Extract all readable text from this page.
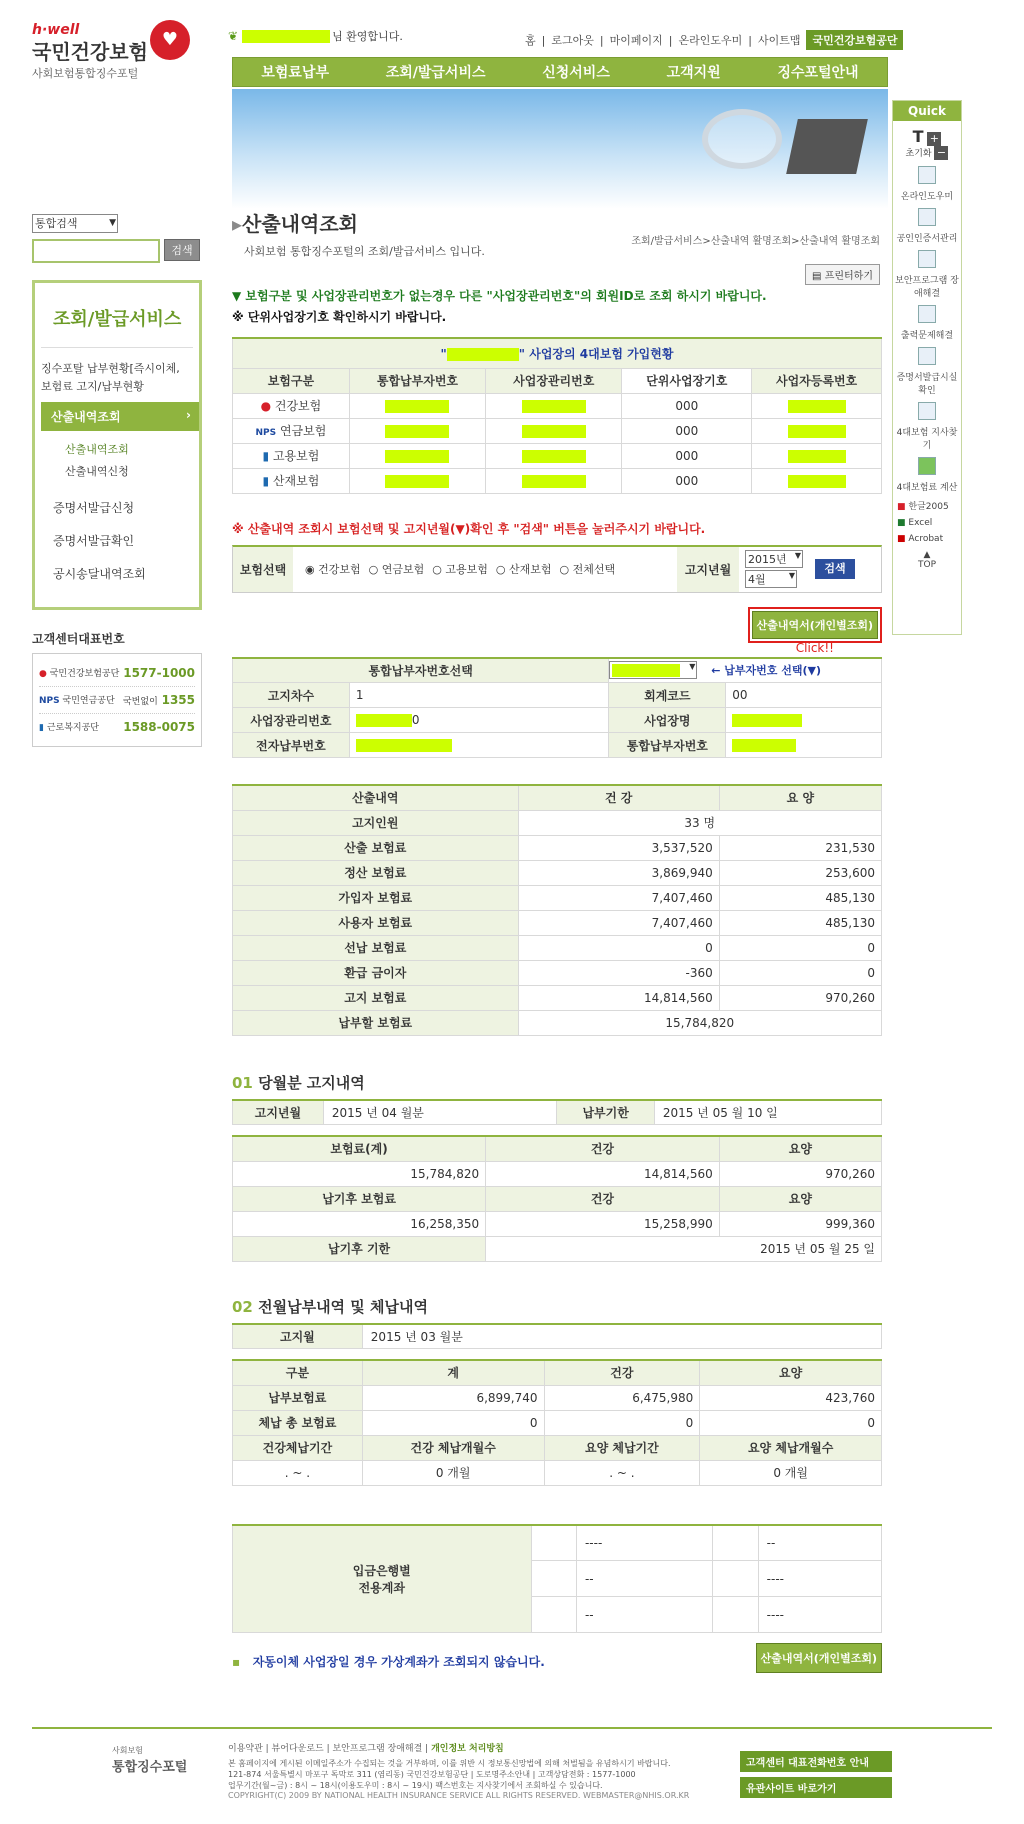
h·well
국민건강보험
사회보험통합징수포털
♥	❦	님 환영합니다.	홈 | 로그아웃 | 마이페이지 | 온라인도우미 | 사이트맵	국민건강보험공단
보험료납부	조회/발급서비스	신청서비스	고객지원	징수포털안내
Quick
T +
초기화 −
온라인도우미
공인인증서관리
보안프로그램 장애해결
출력문제해결
증명서발급시실 확인
4대보험 지사찾기
4대보험료 계산
■ 한글2005
■ Excel
■ Acrobat
▲
TOP
통합검색	▼
검색
조회/발급서비스
징수포탈 납부현황[즉시이체,
보험료 고지/납부현황
산출내역조회	›
산출내역조회
산출내역신청
증명서발급신청
증명서발급확인
공시송달내역조회
고객센터대표번호
● 국민건강보험공단 1577-1000
NPS 국민연금공단 국번없이 1355
▮ 근로복지공단 1588-0075
▸산출내역조회
사회보험 통합징수포털의 조회/발급서비스 입니다.
조회/발급서비스>산출내역 활명조회>산출내역 활명조회
▤ 프린터하기
▼ 보험구분 및 사업장관리번호가 없는경우 다른 "사업장관리번호"의 회원ID로 조회 하시기 바랍니다.
※ 단위사업장기호 확인하시기 바랍니다.
" " 사업장의 4대보험 가입현황				
보험구분	통합납부자번호	사업장관리번호	단위사업장기호	사업자등록번호
● 건강보험			000	
NPS 연금보험			000	
▮ 고용보험			000	
▮ 산재보험			000	
※ 산출내역 조회시 보험선택 및 고지년월(▼)확인 후 "검색" 버튼을 눌러주시기 바랍니다.
보험선택	◉ 건강보험 ○ 연금보험 ○ 고용보험 ○ 산재보험 ○ 전체선택	고지년월
2015년 ▼
4월	▼
검색
산출내역서(개인별조회)
Click!!
통합납부자번호선택		▼ ← 납부자번호 선택(▼)	
고지차수	1	회계코드	00
사업장관리번호	0	사업장명	
전자납부번호		통합납부자번호	
산출내역	건 강	요 양
고지인원	33 명	
산출 보험료	3,537,520	231,530
정산 보험료	3,869,940	253,600
가입자 보험료	7,407,460	485,130
사용자 보험료	7,407,460	485,130
선납 보험료	0	0
환급 금이자	-360	0
고지 보험료	14,814,560	970,260
납부할 보험료	15,784,820	
01 당월분 고지내역
고지년월	2015 년 04 월분	납부기한	2015 년 05 월 10 일
보험료(계)	건강	요양
15,784,820	14,814,560	970,260
납기후 보험료	건강	요양
16,258,350	15,258,990	999,360
납기후 기한	2015 년 05 월 25 일	
02 전월납부내역 및 체납내역
고지월	2015 년 03 월분
구분	계	건강	요양
납부보험료	6,899,740	6,475,980	423,760
체납 총 보험료	0	0	0
건강체납기간	건강 체납개월수	요양 체납기간	요양 체납개월수
. ~ .	0 개월	. ~ .	0 개월
입금은행별
전용계좌		----		--
		--		----
		--		----
▪ 자동이체 사업장일 경우 가상계좌가 조회되지 않습니다.	산출내역서(개인별조회)
사회보험
통합징수포털
이용약관 | 뷰어다운로드 | 보안프로그램 장애해결 | 개인정보 처리방침
본 홈페이지에 게시된 이메일주소가 수집되는 것을 거부하며, 이를 위반 시 정보통신망법에 의해 처벌됨을 유념하시기 바랍니다.
121-874 서울특별시 마포구 독막로 311 (염리동) 국민건강보험공단 | 도로명주소안내 | 고객상담전화 : 1577-1000
업무기간(월~금) : 8시 ~ 18시(이용도우미 : 8시 ~ 19시) 팩스번호는 지사찾기에서 조회하실 수 있습니다.
COPYRIGHT(C) 2009 BY NATIONAL HEALTH INSURANCE SERVICE ALL RIGHTS RESERVED. WEBMASTER@NHIS.OR.KR
고객센터 대표전화번호 안내
유관사이트 바로가기
